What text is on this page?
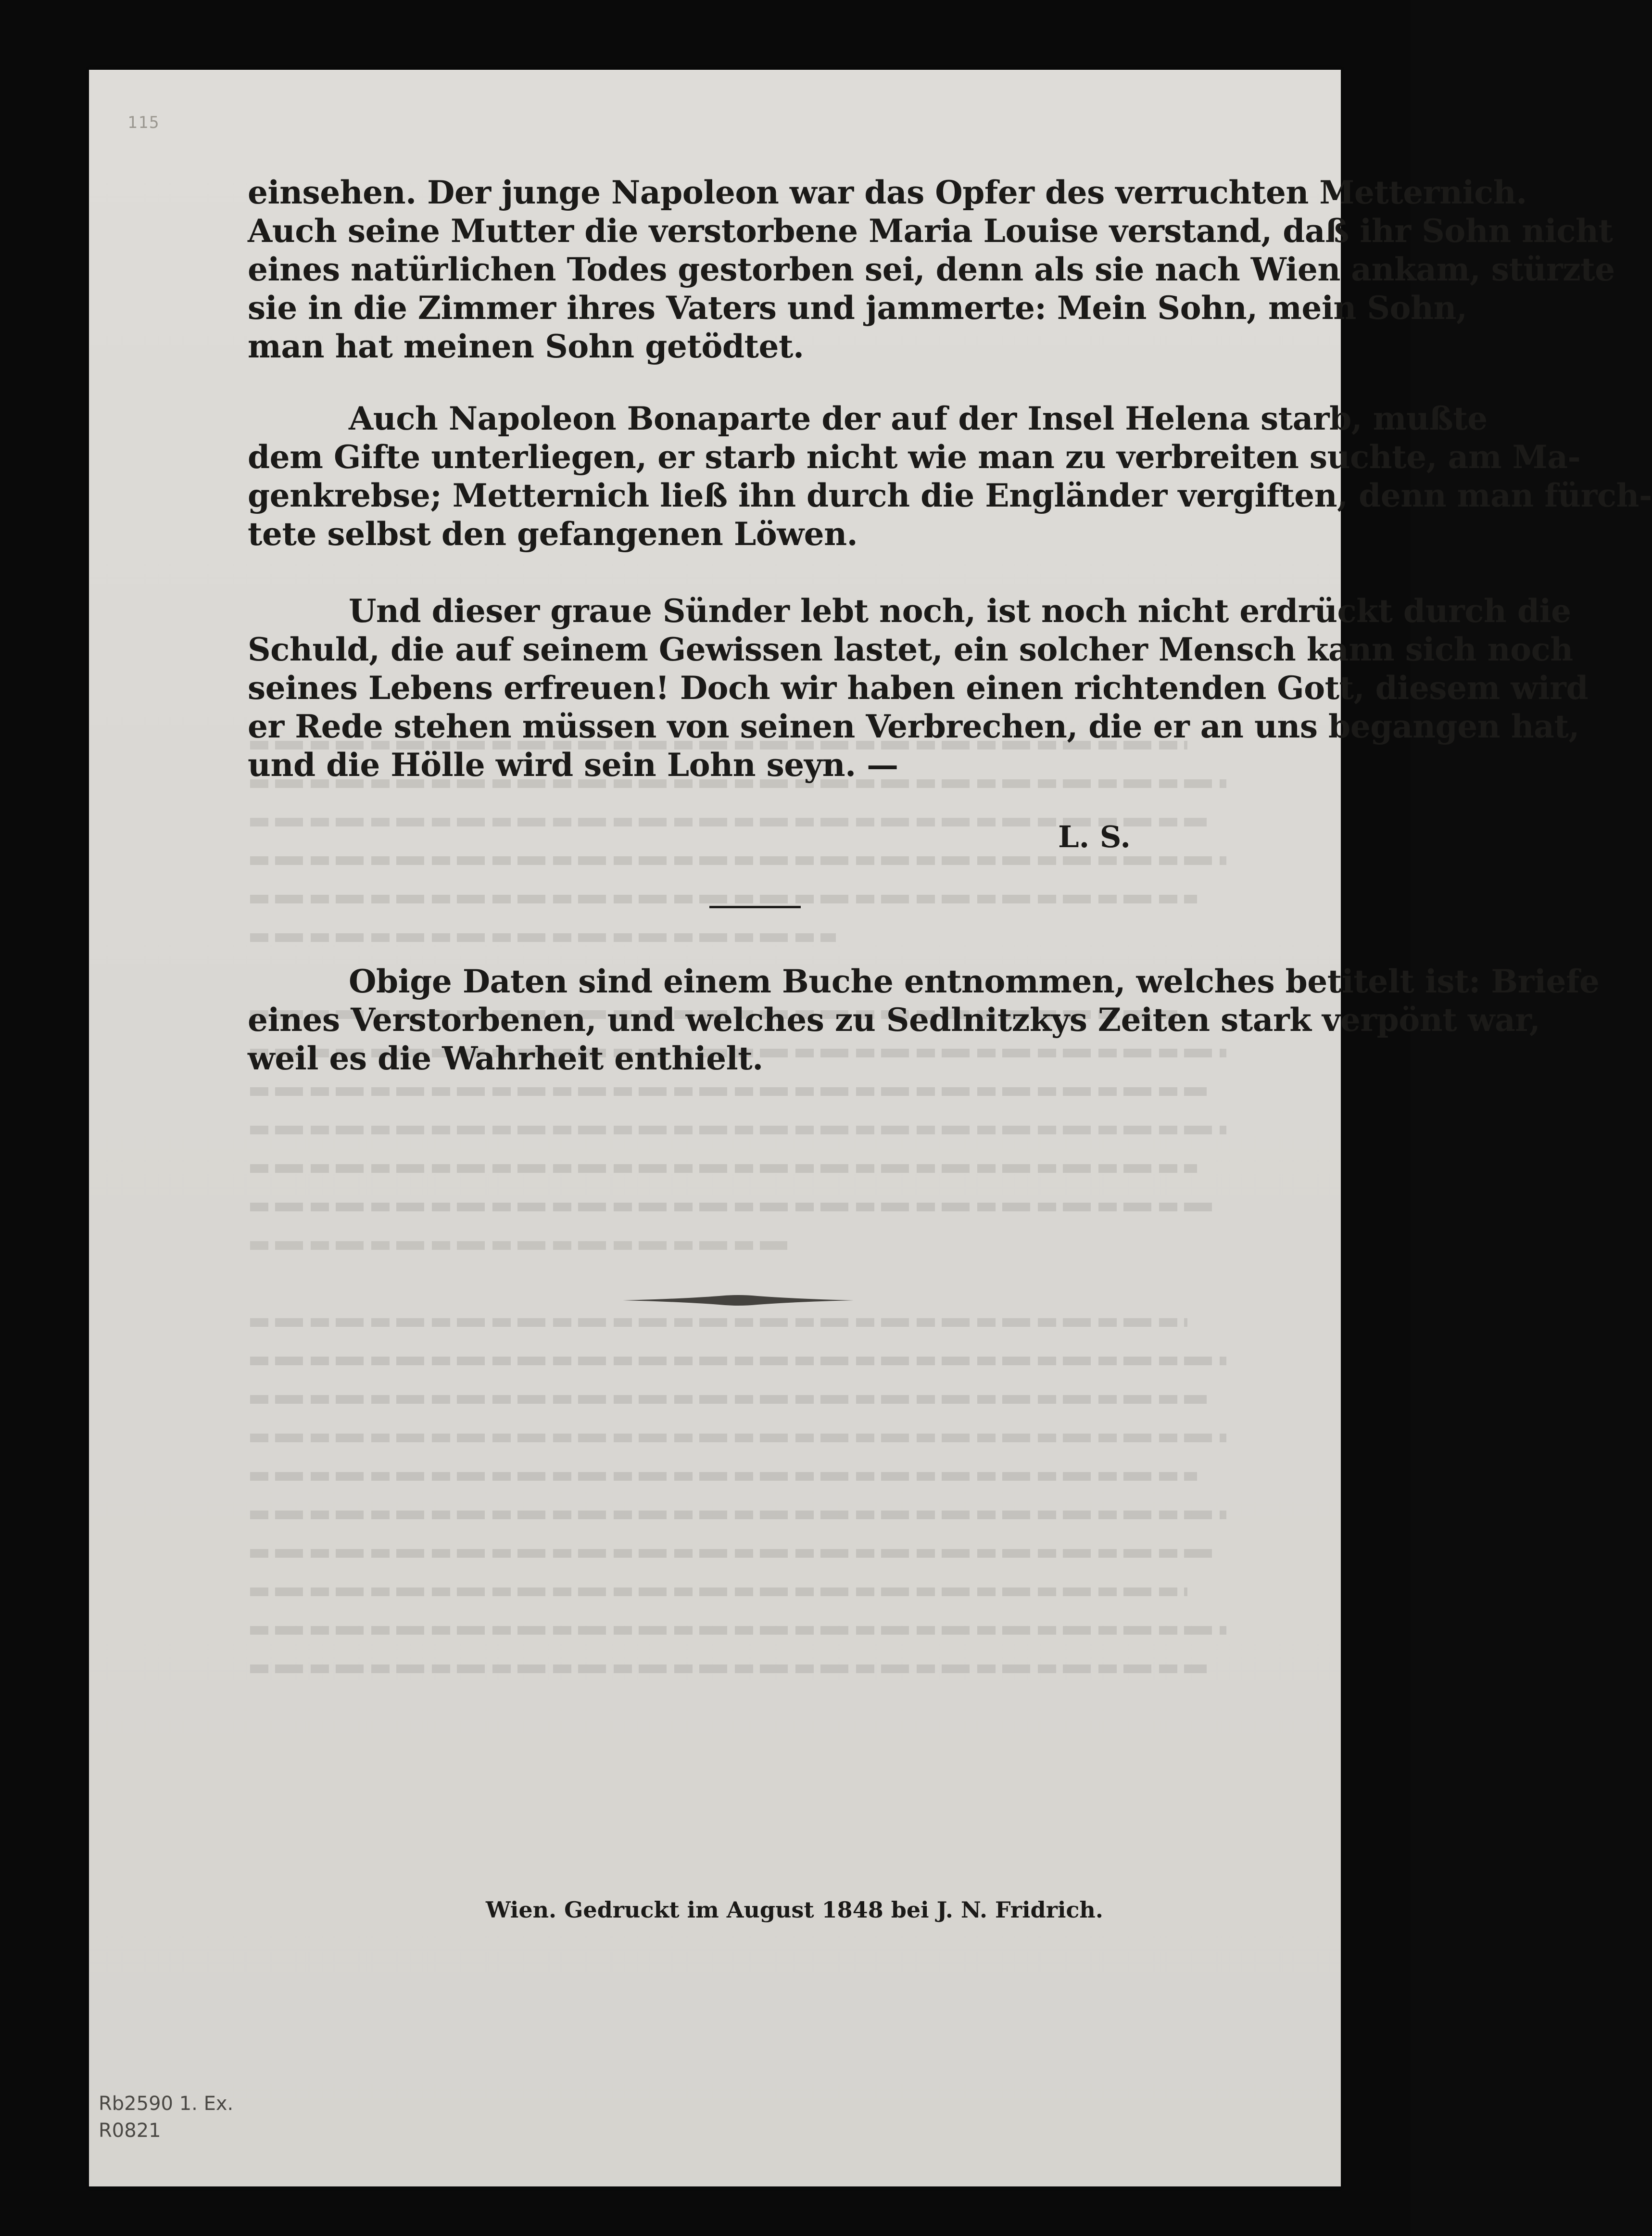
115
einsehen. Der junge Napoleon war das Opfer des verruchten Metternich.
Auch seine Mutter die verstorbene Maria Louise verstand, daß ihr Sohn nicht
eines natürlichen Todes gestorben sei, denn als sie nach Wien ankam, stürzte
sie in die Zimmer ihres Vaters und jammerte: Mein Sohn, mein Sohn,
man hat meinen Sohn getödtet.
Auch Napoleon Bonaparte der auf der Insel Helena starb, mußte
dem Gifte unterliegen, er starb nicht wie man zu verbreiten suchte, am Ma-
genkrebse; Metternich ließ ihn durch die Engländer vergiften, denn man fürch-
tete selbst den gefangenen Löwen.
Und dieser graue Sünder lebt noch, ist noch nicht erdrückt durch die
Schuld, die auf seinem Gewissen lastet, ein solcher Mensch kann sich noch
seines Lebens erfreuen! Doch wir haben einen richtenden Gott, diesem wird
er Rede stehen müssen von seinen Verbrechen, die er an uns begangen hat,
und die Hölle wird sein Lohn seyn. —
L. S.
Obige Daten sind einem Buche entnommen, welches betitelt ist: Briefe
eines Verstorbenen, und welches zu Sedlnitzkys Zeiten stark verpönt war,
weil es die Wahrheit enthielt.
Wien. Gedruckt im August 1848 bei J. N. Fridrich.
Rb2590 1. Ex.
R0821
